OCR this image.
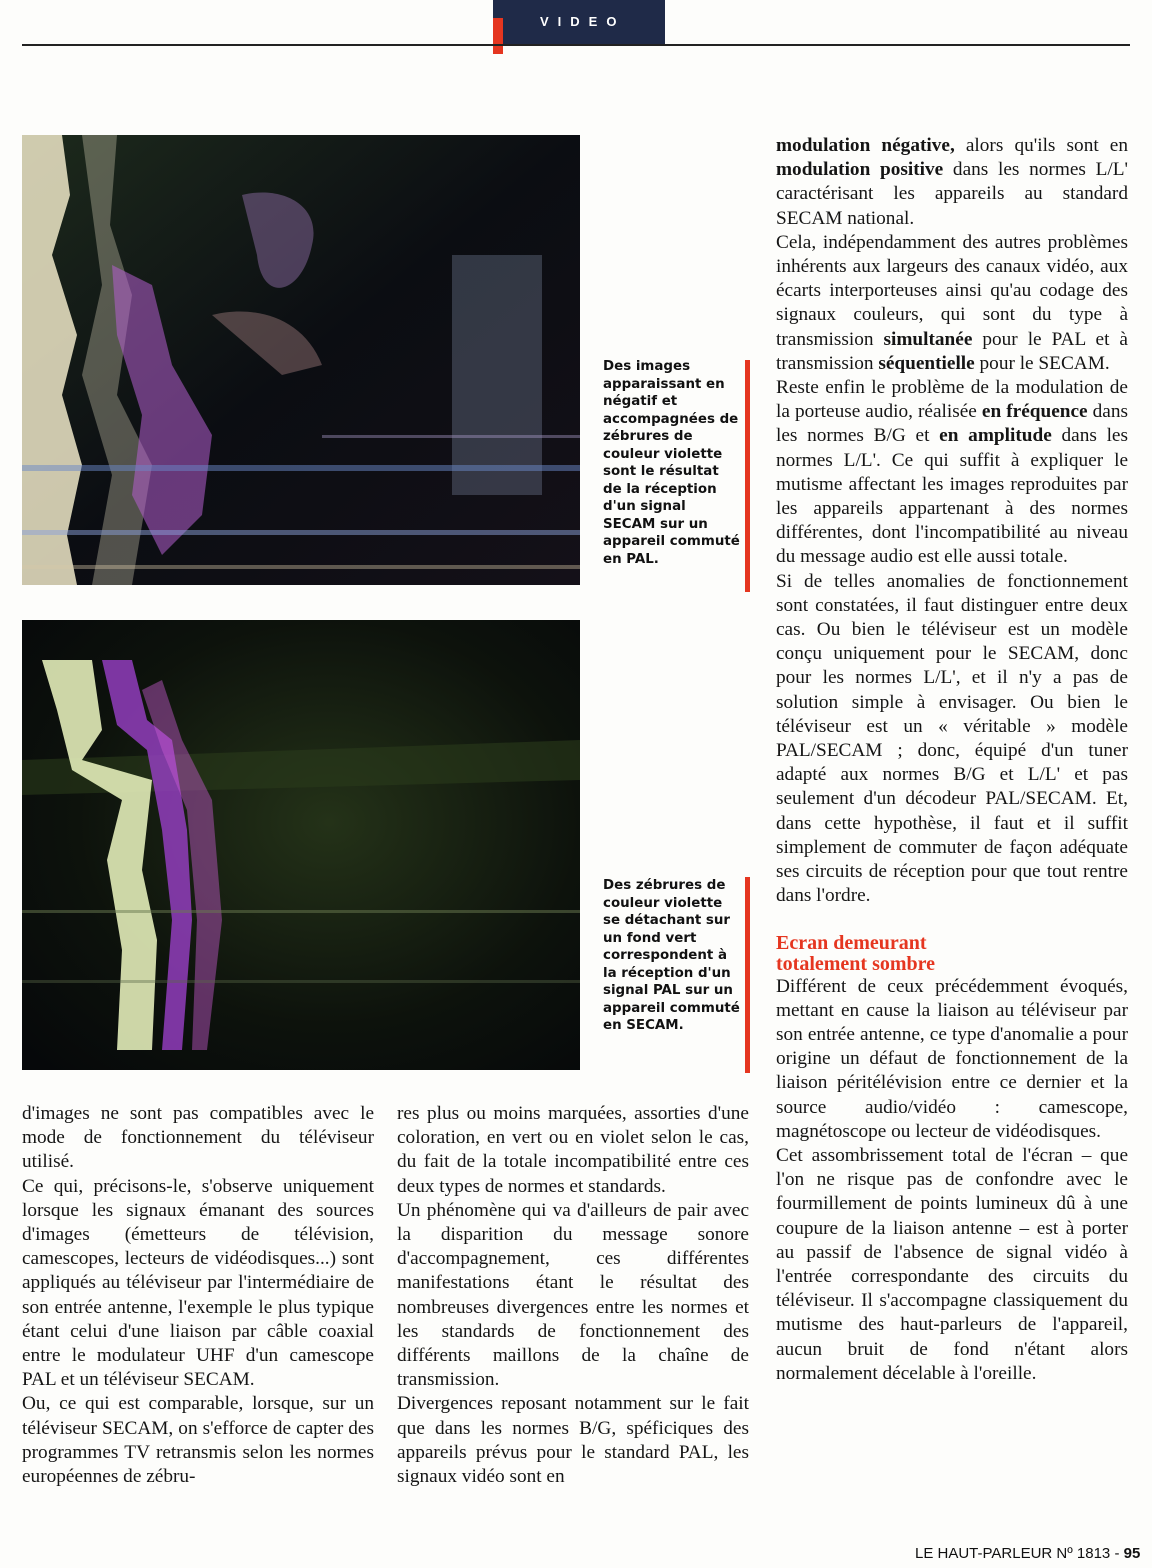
VIDEO
Des images apparaissant en négatif et accompagnées de zébrures de couleur violette sont le résultat de la réception d'un signal SECAM sur un appareil commuté en PAL.
Des zébrures de couleur violette se détachant sur un fond vert correspondent à la réception d'un signal PAL sur un appareil commuté en SECAM.

modulation négative, alors qu'ils sont en modulation positive dans les normes L/L' caractérisant les appareils au standard SECAM national.

Cela, indépendamment des autres problèmes inhérents aux largeurs des canaux vidéo, aux écarts interporteuses ainsi qu'au codage des signaux couleurs, qui sont du type à transmission simultanée pour le PAL et à transmission séquentielle pour le SECAM.

Reste enfin le problème de la modulation de la porteuse audio, réalisée en fréquence dans les normes B/G et en amplitude dans les normes L/L'. Ce qui suffit à expliquer le mutisme affectant les images reproduites par les appareils appartenant à des normes différentes, dont l'incompatibilité au niveau du message audio est elle aussi totale.

Si de telles anomalies de fonctionnement sont constatées, il faut distinguer entre deux cas. Ou bien le téléviseur est un modèle conçu uniquement pour le SECAM, donc pour les normes L/L', et il n'y a pas de solution simple à envisager. Ou bien le téléviseur est un « véritable » modèle PAL/SECAM ; donc, équipé d'un tuner adapté aux normes B/G et L/L' et pas seulement d'un décodeur PAL/SECAM. Et, dans cette hypothèse, il faut et il suffit simplement de commuter de façon adéquate ses circuits de réception pour que tout rentre dans l'ordre.

Ecran demeurant
totalement sombre

Différent de ceux précédemment évoqués, mettant en cause la liaison au téléviseur par son entrée antenne, ce type d'anomalie a pour origine un défaut de fonctionnement de la liaison péritélévision entre ce dernier et la source audio/vidéo : camescope, magnétoscope ou lecteur de vidéodisques.

Cet assombrissement total de l'écran – que l'on ne risque pas de confondre avec le fourmillement de points lumineux dû à une coupure de la liaison antenne – est à porter au passif de l'absence de signal vidéo à l'entrée correspondante des circuits du téléviseur. Il s'accompagne classiquement du mutisme des haut-parleurs de l'appareil, aucun bruit de fond n'étant alors normalement décelable à l'oreille.

d'images ne sont pas compatibles avec le mode de fonctionnement du téléviseur utilisé.

Ce qui, précisons-le, s'observe uniquement lorsque les signaux émanant des sources d'images (émetteurs de télévision, camescopes, lecteurs de vidéodisques...) sont appliqués au téléviseur par l'intermédiaire de son entrée antenne, l'exemple le plus typique étant celui d'une liaison par câble coaxial entre le modulateur UHF d'un camescope PAL et un téléviseur SECAM.

Ou, ce qui est comparable, lorsque, sur un téléviseur SECAM, on s'efforce de capter des programmes TV retransmis selon les normes européennes de zébru-

res plus ou moins marquées, assorties d'une coloration, en vert ou en violet selon le cas, du fait de la totale incompatibilité entre ces deux types de normes et standards.

Un phénomène qui va d'ailleurs de pair avec la disparition du message sonore d'accompagnement, ces différentes manifestations étant le résultat des nombreuses divergences entre les normes et les standards de fonctionnement des différents maillons de la chaîne de transmission.

Divergences reposant notamment sur le fait que dans les normes B/G, spéficiques des appareils prévus pour le standard PAL, les signaux vidéo sont en

LE HAUT-PARLEUR Nº 1813 - 95
